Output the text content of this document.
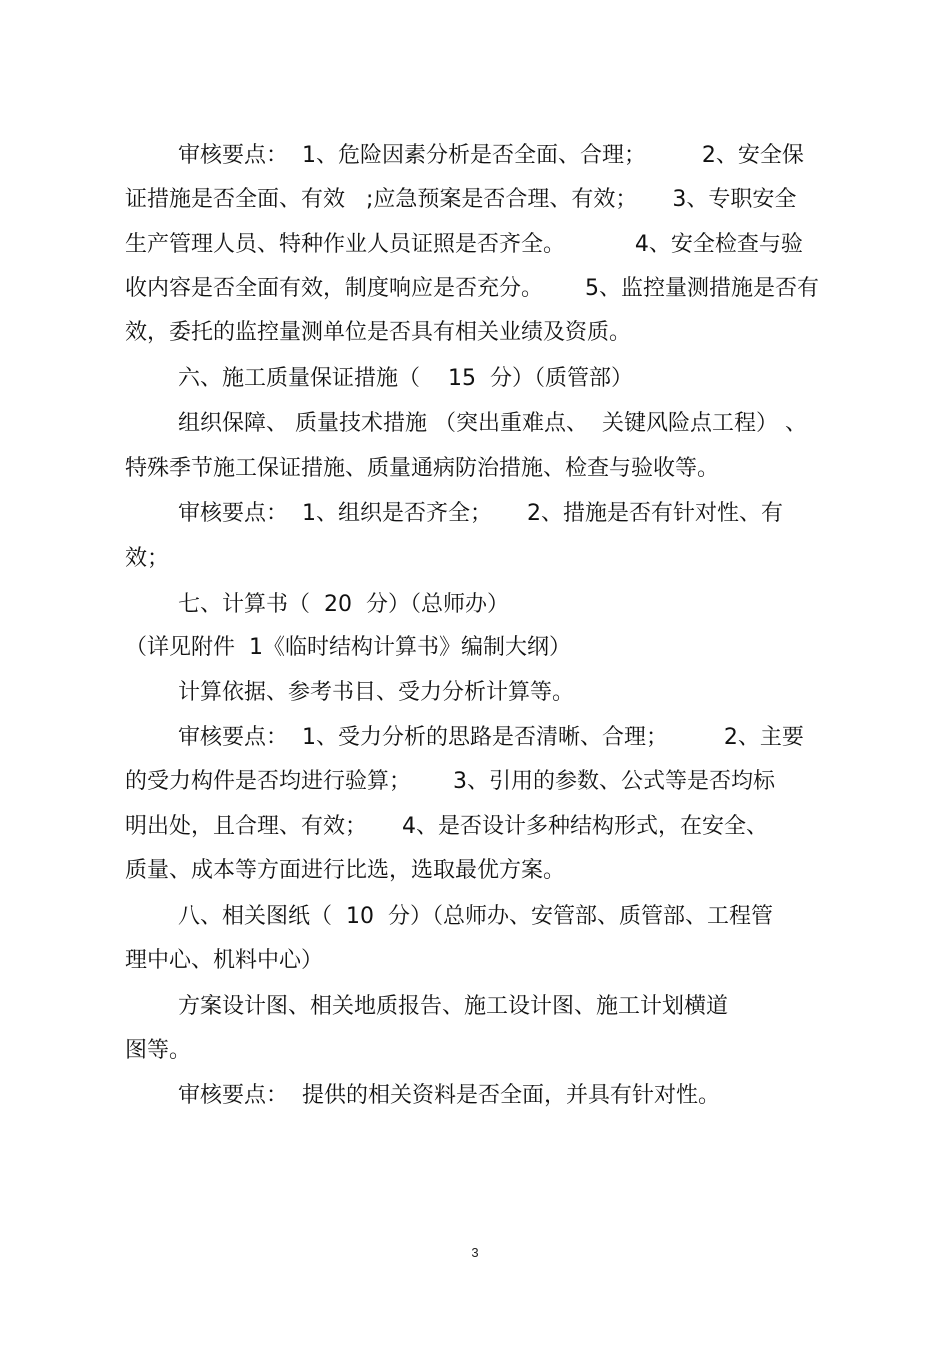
审核要点：  1、危险因素分析是否全面、合理；        2、安全保
证措施是否全面、有效   ;应急预案是否合理、有效；     3、专职安全
生产管理人员、特种作业人员证照是否齐全。          4、安全检查与验
收内容是否全面有效，制度响应是否充分。      5、监控量测措施是否有
效，委托的监控量测单位是否具有相关业绩及资质。
六、施工质量保证措施（    15  分）（质管部）
组织保障、 质量技术措施 （突出重难点、  关键风险点工程） 、
特殊季节施工保证措施、质量通病防治措施、检查与验收等。
审核要点：  1、组织是否齐全；     2、措施是否有针对性、有
效；
七、计算书（  20  分）（总师办）
（详见附件  1《临时结构计算书》编制大纲）
计算依据、参考书目、受力分析计算等。
审核要点：  1、受力分析的思路是否清晰、合理；        2、主要
的受力构件是否均进行验算；      3、引用的参数、公式等是否均标
明出处，且合理、有效；     4、是否设计多种结构形式，在安全、
质量、成本等方面进行比选，选取最优方案。
八、相关图纸（  10  分）（总师办、安管部、质管部、工程管
理中心、机料中心）
方案设计图、相关地质报告、施工设计图、施工计划横道
图等。
审核要点：  提供的相关资料是否全面，并具有针对性。
3
